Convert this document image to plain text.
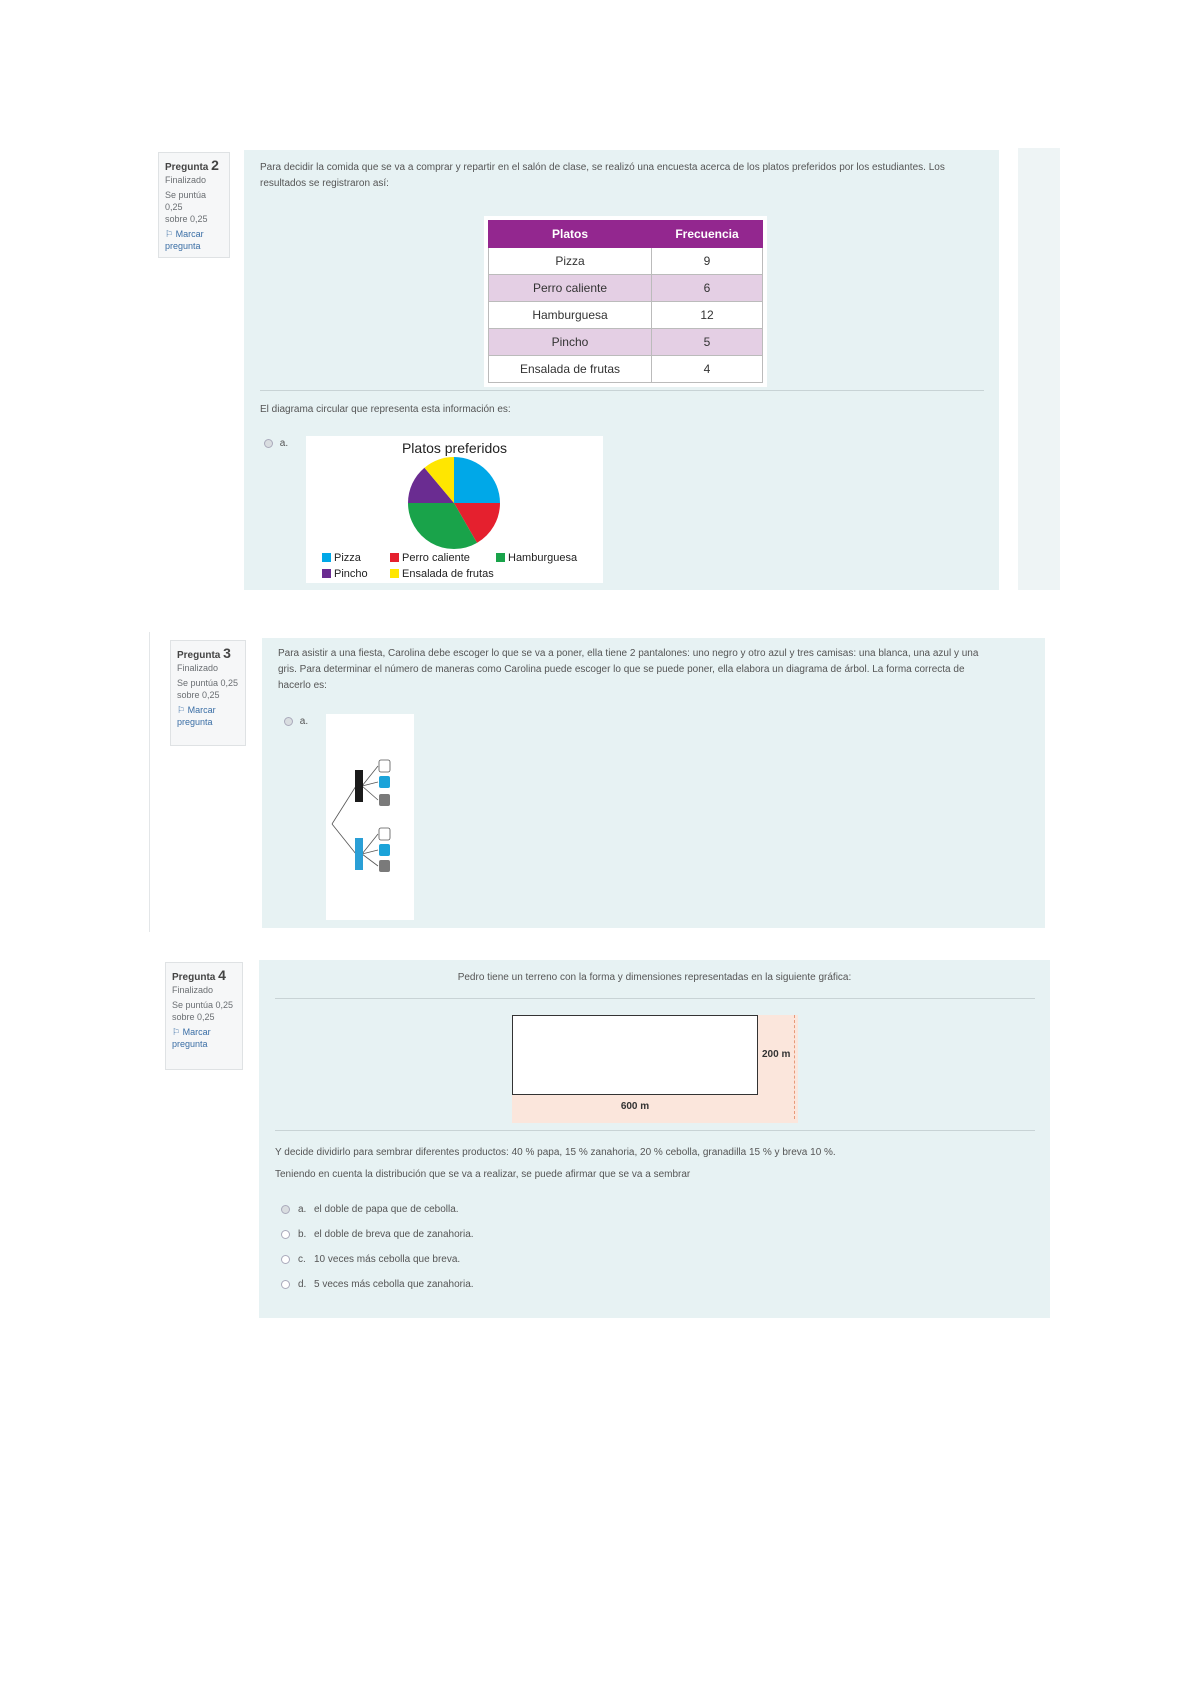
Pregunta 2
Finalizado
Se puntúa 0,25
sobre 0,25
⚐ Marcar
pregunta
Para decidir la comida que se va a comprar y repartir en el salón de clase, se realizó una encuesta acerca de los platos preferidos por los estudiantes. Los
resultados se registraron así:
Platos	Frecuencia
Pizza	9
Perro caliente	6
Hamburguesa	12
Pincho	5
Ensalada de frutas	4
El diagrama circular que representa esta información es:
a.	Platos preferidos
Pizza	Perro caliente	Hamburguesa
Pincho	Ensalada de frutas
Pregunta 3
Finalizado
Se puntúa 0,25
sobre 0,25
⚐ Marcar
pregunta
Para asistir a una fiesta, Carolina debe escoger lo que se va a poner, ella tiene 2 pantalones: uno negro y otro azul y tres camisas: una blanca, una azul y una
gris. Para determinar el número de maneras como Carolina puede escoger lo que se puede poner, ella elabora un diagrama de árbol. La forma correcta de
hacerlo es:
a.
Pregunta 4
Finalizado
Se puntúa 0,25
sobre 0,25
⚐ Marcar
pregunta
Pedro tiene un terreno con la forma y dimensiones representadas en la siguiente gráfica:
200 m
600 m
Y decide dividirlo para sembrar diferentes productos: 40 % papa, 15 % zanahoria, 20 % cebolla, granadilla 15 % y breva 10 %.
Teniendo en cuenta la distribución que se va a realizar, se puede afirmar que se va a sembrar
a. el doble de papa que de cebolla.
b. el doble de breva que de zanahoria.
c. 10 veces más cebolla que breva.
d. 5 veces más cebolla que zanahoria.
